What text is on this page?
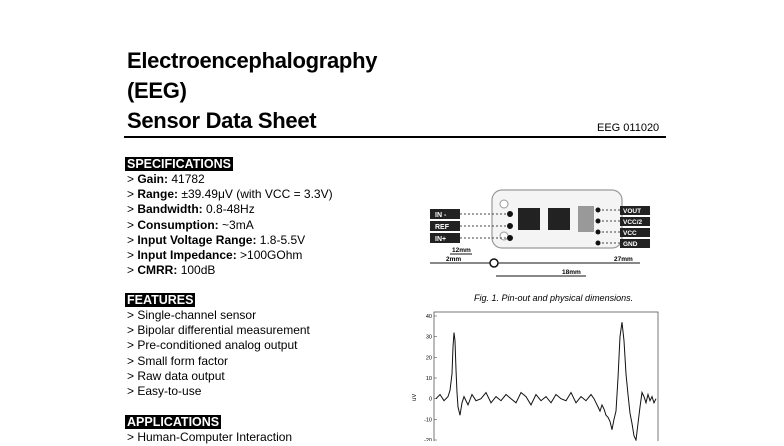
Electroencephalography
(EEG)
Sensor Data Sheet	EEG 011020
SPECIFICATIONS
> Gain: 41782
> Range: ±39.49μV (with VCC = 3.3V)
> Bandwidth: 0.8-48Hz
> Consumption: ~3mA
> Input Voltage Range: 1.8-5.5V
> Input Impedance: >100GOhm
> CMRR: 100dB
FEATURES
> Single-channel sensor
> Bipolar differential measurement
> Pre-conditioned analog output
> Small form factor
> Raw data output
> Easy-to-use
APPLICATIONS
> Human-Computer Interaction
IN -
REF
IN+
VOUT
VCC/2
VCC
GND
12mm
2mm	27mm
18mm
Fig. 1. Pin-out and physical dimensions.
uV
40
30
20
10
0
-10
-20
